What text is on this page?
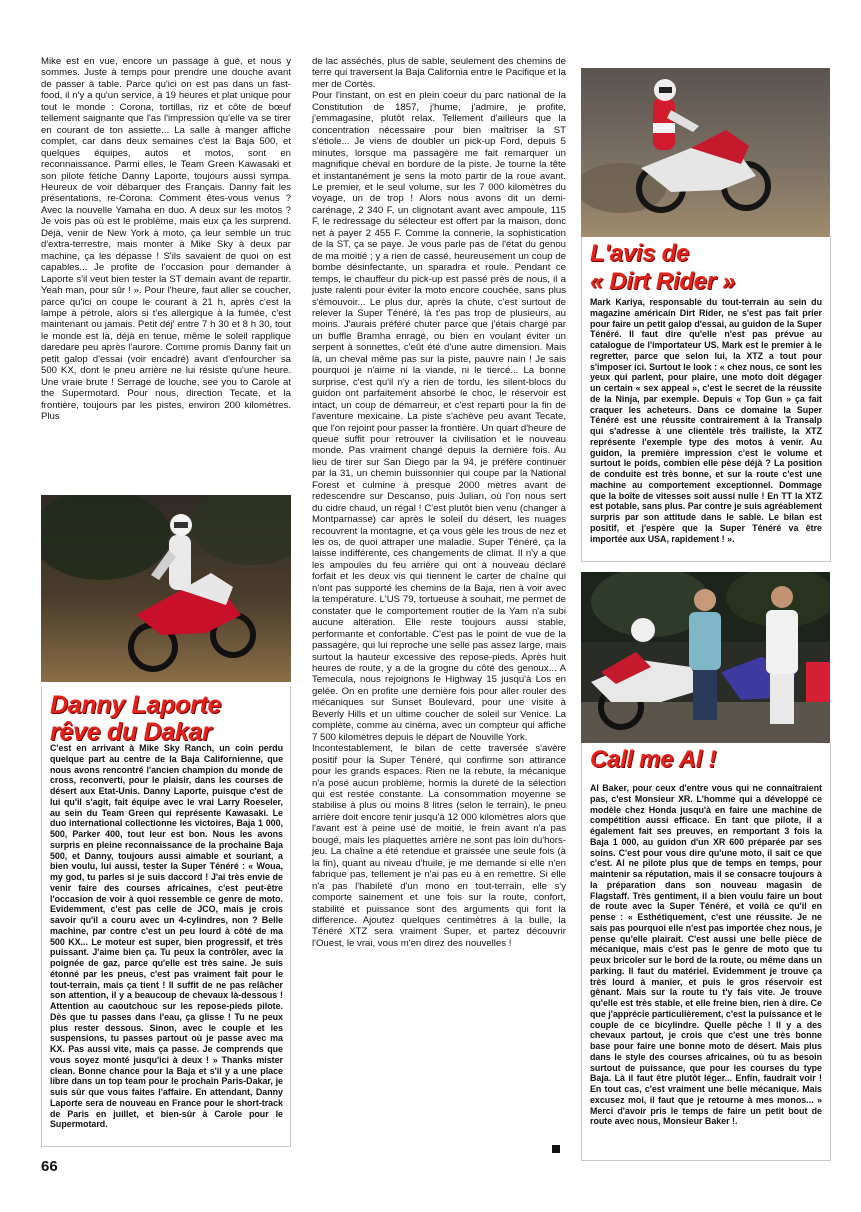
Mike est en vue, encore un passage à gué, et nous y sommes. Juste à temps pour prendre une douche avant de passer à table. Parce qu'ici on est pas dans un fast-food, il n'y a qu'un service, à 19 heures et plat unique pour tout le monde : Corona, tortillas, riz et côte de bœuf tellement saignante que l'as l'impression qu'elle va se tirer en courant de ton assiette... La salle à manger affiche complet, car dans deux semaines c'est la Baja 500, et quelques équipes, autos et motos, sont en reconnaissance. Parmi elles, le Team Green Kawasaki et son pilote fétiche Danny Laporte, toujours aussi sympa. Heureux de voir débarquer des Français. Danny fait les présentations, re-Corona. Comment êtes-vous venus ? Avec la nouvelle Yamaha en duo. A deux sur les motos ? Je vois pas où est le problème, mais eux ça les surprend. Déjà, venir de New York à moto, ça leur semble un truc d'extra-terrestre, mais monter à Mike Sky à deux par machine, ça les dépasse ! S'ils savaient de quoi on est capables... Je profite de l'occasion pour demander à Laporte s'il veut bien tester la ST demain avant de repartir. Yeah man, pour sûr ! ». Pour l'heure, faut aller se coucher, parce qu'ici on coupe le courant à 21 h, après c'est la lampe à pétrole, alors si t'es allergique à la fumée, c'est maintenant ou jamais. Petit déj' entre 7 h 30 et 8 h 30, tout le monde est là, déjà en tenue, même le soleil rapplique daredare peu après l'aurore. Comme promis Danny fait un petit galop d'essai (voir encadré) avant d'enfourcher sa 500 KX, dont le pneu arrière ne lui résiste qu'une heure. Une vraie brute ! Serrage de louche, see you to Carole at the Supermotard. Pour nous, direction Tecate, et la frontière, toujours par les pistes, environ 200 kilomètres. Plus

Danny Laporte
rêve du Dakar

C'est en arrivant à Mike Sky Ranch, un coin perdu quelque part au centre de la Baja Californienne, que nous avons rencontré l'ancien champion du monde de cross, reconverti, pour le plaisir, dans les courses de désert aux Etat-Unis. Danny Laporte, puisque c'est de lui qu'il s'agit, fait équipe avec le vrai Larry Roeseler, au sein du Team Green qui représente Kawasaki. Le duo international collectionne les victoires, Baja 1 000, 500, Parker 400, tout leur est bon. Nous les avons surpris en pleine reconnaissance de la prochaine Baja 500, et Danny, toujours aussi aimable et souriant, a bien voulu, lui aussi, tester la Super Ténéré : « Woua, my god, tu parles si je suis daccord ! J'ai très envie de venir faire des courses africaines, c'est peut-être l'occasion de voir à quoi ressemble ce genre de moto. Evidemment, c'est pas celle de JCO, mais je crois savoir qu'il a couru avec un 4-cylindres, non ? Belle machine, par contre c'est un peu lourd à côté de ma 500 KX... Le moteur est super, bien progressif, et très puissant. J'aime bien ça. Tu peux la contrôler, avec la poignée de gaz, parce qu'elle est très saine. Je suis étonné par les pneus, c'est pas vraiment fait pour le tout-terrain, mais ça tient ! Il suffit de ne pas relâcher son attention, il y a beaucoup de chevaux là-dessous ! Attention au caoutchouc sur les repose-pieds pilote. Dès que tu passes dans l'eau, ça glisse ! Tu ne peux plus rester dessous. Sinon, avec le couple et les suspensions, tu passes partout où je passe avec ma KX. Pas aussi vite, mais ça passe. Je comprends que vous soyez monté jusqu'ici à deux ! » Thanks mister clean. Bonne chance pour la Baja et s'il y a une place libre dans un top team pour le prochain Paris-Dakar, je suis sûr que vous faites l'affaire. En attendant, Danny Laporte sera de nouveau en France pour le short-track de Paris en juillet, et bien-sûr à Carole pour le Supermotard.

de lac asséchés, plus de sable, seulement des chemins de terre qui traversent la Baja California entre le Pacifique et la mer de Cortès.

Pour l'instant, on est en plein coeur du parc national de la Constitution de 1857, j'hume, j'admire, je profite, j'emmagasine, plutôt relax. Tellement d'ailleurs que la concentration nécessaire pour bien maîtriser la ST s'étiole... Je viens de doubler un pick-up Ford, depuis 5 minutes, lorsque ma passagère me fait remarquer un magnifique cheval en bordure de la piste. Je tourne la tête et instantanément je sens la moto partir de la roue avant. Le premier, et le seul volume, sur les 7 000 kilomètres du voyage, un de trop ! Alors nous avons dit un demi-carénage, 2 340 F, un clignotant avant avec ampoule, 115 F, le redressage du sélecteur est offert par la maison, donc net à payer 2 455 F. Comme la connerie, la sophistication de la ST, ça se paye. Je vous parle pas de l'état du genou de ma moitié ; y a rien de cassé, heureusement un coup de bombe désinfectante, un sparadra et roule. Pendant ce temps, le chauffeur du pick-up est passé près de nous, il a juste ralenti pour éviter la moto encore couchée, sans plus s'émouvoir... Le plus dur, après la chute, c'est surtout de relever la Super Ténéré, là t'es pas trop de plusieurs, au moins. J'aurais préféré chuter parce que j'étais chargé par un buffle Bramha enragé, ou bien en voulant éviter un serpent à sonnettes, c'eût été d'une autre dimension. Mais là, un cheval même pas sur la piste, pauvre nain ! Je sais pourquoi je n'aime ni la viande, ni le tiercé... La bonne surprise, c'est qu'il n'y a rien de tordu, les silent-blocs du guidon ont parfaitement absorbé le choc, le réservoir est intact, un coup de démarreur, et c'est reparti pour la fin de l'aventure mexicaine. La piste s'achève peu avant Tecate, que l'on rejoint pour passer la frontière. Un quart d'heure de queue suffit pour retrouver la civilisation et le nouveau monde. Pas vraiment changé depuis la dernière fois. Au lieu de tirer sur San Diego par la 94, je préfère continuer par la 31, un chemin buissonnier qui coupe par la National Forest et culmine à presque 2000 mètres avant de redescendre sur Descanso, puis Julian, où l'on nous sert du cidre chaud, un régal ! C'est plutôt bien venu (changer à Montparnasse) car après le soleil du désert, les nuages recouvrent la montagne, et ça vous gèle les trous de nez et les os, de quoi attraper une maladie. Super Ténéré, ça la laisse indifférente, ces changements de climat. Il n'y a que les ampoules du feu arrière qui ont à nouveau déclaré forfait et les deux vis qui tiennent le carter de chaîne qui n'ont pas supporté les chemins de la Baja, rien à voir avec la température. L'US 79, tortueuse à souhait, me permet de constater que le comportement routier de la Yam n'a subi aucune altération. Elle reste toujours aussi stable, performante et confortable. C'est pas le point de vue de la passagère, qui lui reproche une selle pas assez large, mais surtout la hauteur excessive des repose-pieds. Après huit heures de route, y a de la grogne du côté des genoux... A Temecula, nous rejoignons le Highway 15 jusqu'à Los en gelée. On en profite une dernière fois pour aller rouler des mécaniques sur Sunset Boulevard, pour une visite à Beverly Hills et un ultime coucher de soleil sur Venice. La complète, comme au cinéma, avec un compteur qui affiche 7 500 kilomètres depuis le départ de Nouville York.

Incontestablement, le bilan de cette traversée s'avère positif pour la Super Ténéré, qui confirme son attirance pour les grands espaces. Rien ne la rebute, la mécanique n'a posé aucun problème, hormis la dureté de la sélection qui est restée constante. La consommation moyenne se stabilise à plus ou moins 8 litres (selon le terrain), le pneu arrière doit encore tenir jusqu'à 12 000 kilomètres alors que l'avant est à peine usé de moitié, le frein avant n'a pas bougé, mais les plaquettes arrière ne sont pas loin du'hors-jeu. La chaîne a été retendue et graissée une seule fois (à la fin), quant au niveau d'huile, je me demande si elle n'en fabrique pas, tellement je n'ai pas eu à en remettre. Si elle n'a pas l'habileté d'un mono en tout-terrain, elle s'y comporte sainement et une fois sur la route, confort, stabilité et puissance sont des arguments qui font la différence. Ajoutez quelques centimètres à la bulle, la Ténéré XTZ sera vraiment Super, et partez découvrir l'Ouest, le vrai, vous m'en direz des nouvelles !

L'avis de
« Dirt Rider »

Mark Kariya, responsable du tout-terrain au sein du magazine américain Dirt Rider, ne s'est pas fait prier pour faire un petit galop d'essai, au guidon de la Super Ténéré. Il faut dire qu'elle n'est pas prévue au catalogue de l'importateur US. Mark est le premier à le regretter, parce que selon lui, la XTZ a tout pour s'imposer ici. Surtout le look : « chez nous, ce sont les yeux qui parlent, pour plaire, une moto doit dégager un certain « sex appeal », c'est le secret de la réussite de la Ninja, par exemple. Depuis « Top Gun » ça fait craquer les acheteurs. Dans ce domaine la Super Ténéré est une réussite contrairement à la Transalp qui s'adresse à une clientèle très trailiste, la XTZ représente l'exemple type des motos à venir. Au guidon, la première impression c'est le volume et surtout le poids, combien elle pèse déjà ? La position de conduite est très bonne, et sur la route c'est une machine au comportement exceptionnel. Dommage que la boîte de vitesses soit aussi nulle ! En TT la XTZ est potable, sans plus. Par contre je suis agréablement surpris par son attitude dans le sable. Le bilan est positif, et j'espère que la Super Ténéré va être importée aux USA, rapidement ! ».

Call me Al !

Al Baker, pour ceux d'entre vous qui ne connaîtraient pas, c'est Monsieur XR. L'homme qui a développé ce modèle chez Honda jusqu'à en faire une machine de compétition aussi efficace. En tant que pilote, il a également fait ses preuves, en remportant 3 fois la Baja 1 000, au guidon d'un XR 600 préparée par ses soins. C'est pour vous dire qu'une moto, il sait ce que c'est. Al ne pilote plus que de temps en temps, pour maintenir sa réputation, mais il se consacre toujours à la préparation dans son nouveau magasin de Flagstaff. Très gentiment, il a bien voulu faire un bout de route avec la Super Ténéré, et voilà ce qu'il en pense : « Esthétiquement, c'est une réussite. Je ne sais pas pourquoi elle n'est pas importée chez nous, je pense qu'elle plairait. C'est aussi une belle pièce de mécanique, mais c'est pas le genre de moto que tu peux bricoler sur le bord de la route, ou même dans un parking. Il faut du matériel. Evidemment je trouve ça très lourd à manier, et puis le gros réservoir est gênant. Mais sur la route tu t'y fais vite. Je trouve qu'elle est très stable, et elle freine bien, rien à dire. Ce que j'apprécie particulièrement, c'est la puissance et le couple de ce bicylindre. Quelle pêche ! Il y a des chevaux partout, je crois que c'est une très bonne base pour faire une bonne moto de désert. Mais plus dans le style des courses africaines, où tu as besoin surtout de puissance, que pour les courses du type Baja. Là il faut être plutôt léger... Enfin, faudrait voir ! En tout cas, c'est vraiment une belle mécanique. Mais excusez moi, il faut que je retourne à mes monos... » Merci d'avoir pris le temps de faire un petit bout de route avec nous, Monsieur Baker !.

66
